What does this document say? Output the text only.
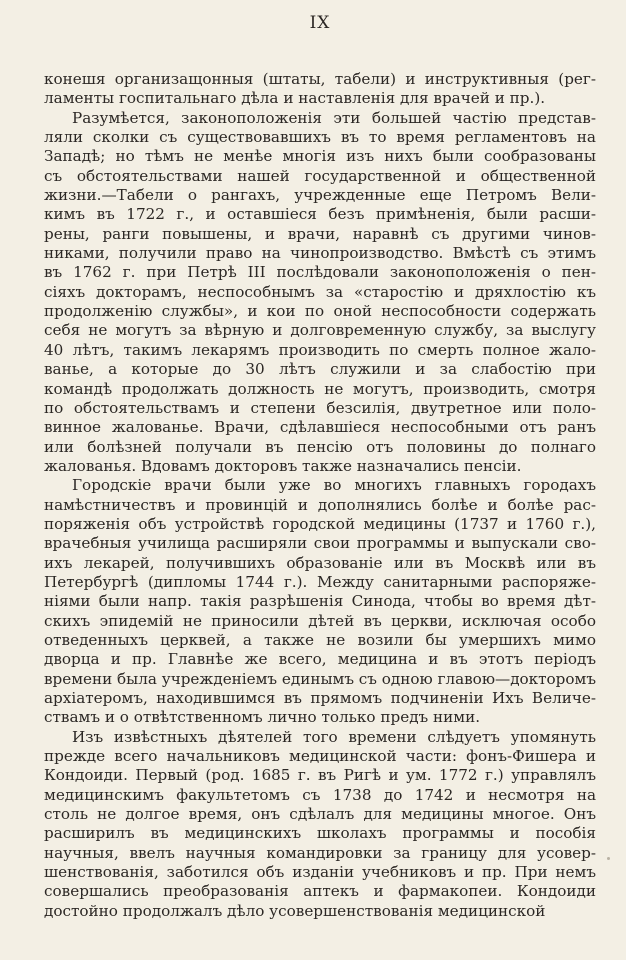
IX
конешя организащонныя (штаты, табели) и инструктивныя (рег-
ламенты госпитальнаго дѣла и наставленiя для врачей и пр.).
Разумѣется, законоположенiя эти большей частiю представ-
ляли сколки съ существовавшихъ въ то время регламентовъ на
Западѣ; но тѣмъ не менѣе многiя изъ нихъ были сообразованы
съ обстоятельствами нашей государственной и общественной
жизни.—Табели о рангахъ, учрежденные еще Петромъ Вели-
кимъ въ 1722 г., и оставшiеся безъ примѣненiя, были расши-
рены, ранги повышены, и врачи, наравнѣ съ другими чинов-
никами, получили право на чинопроизводство. Вмѣстѣ съ этимъ
въ 1762 г. при Петрѣ III послѣдовали законоположенiя о пен-
сiяхъ докторамъ, неспособнымъ за «старостiю и дряхлостiю къ
продолженiю службы», и кои по оной неспособности содержать
себя не могутъ за вѣрную и долговременную службу, за выслугу
40 лѣтъ, такимъ лекарямъ производить по смерть полное жало-
ванье, а которые до 30 лѣтъ служили и за слабостiю при
командѣ продолжать должность не могутъ, производить, смотря
по обстоятельствамъ и степени безсилiя, двутретное или поло-
винное жалованье. Врачи, сдѣлавшiеся неспособными отъ ранъ
или болѣзней получали въ пенсiю отъ половины до полнаго
жалованья. Вдовамъ докторовъ также назначались пенсiи.
Городскiе врачи были уже во многихъ главныхъ городахъ
намѣстничествъ и провинцiй и дополнялись болѣе и болѣе рас-
поряженiя объ устройствѣ городской медицины (1737 и 1760 г.),
врачебныя училища расширяли свои программы и выпускали сво-
ихъ лекарей, получившихъ образованiе или въ Москвѣ или въ
Петербургѣ (дипломы 1744 г.). Между санитарными распоряже-
нiями были напр. такiя разрѣшенiя Синода, чтобы во время дѣт-
скихъ эпидемiй не приносили дѣтей въ церкви, исключая особо
отведенныхъ церквей, а также не возили бы умершихъ мимо
дворца и пр. Главнѣе же всего, медицина и въ этотъ перiодъ
времени была учрежденiемъ единымъ съ одною главою—докторомъ
архiатеромъ, находившимся въ прямомъ подчиненiи Ихъ Величе-
ствамъ и о отвѣтственномъ лично только предъ ними.
Изъ извѣстныхъ дѣятелей того времени слѣдуетъ упомянуть
прежде всего начальниковъ медицинской части: фонъ-Фишера и
Кондоиди. Первый (род. 1685 г. въ Ригѣ и ум. 1772 г.) управлялъ
медицинскимъ факультетомъ съ 1738 до 1742 и несмотря на
столь не долгое время, онъ сдѣлалъ для медицины многое. Онъ
расширилъ въ медицинскихъ школахъ программы и пособiя
научныя, ввелъ научныя командировки за границу для усовер-
шенствованiя, заботился объ изданiи учебниковъ и пр. При немъ
совершались преобразованiя аптекъ и фармакопеи. Кондоиди
достойно продолжалъ дѣло усовершенствованiя медицинской
